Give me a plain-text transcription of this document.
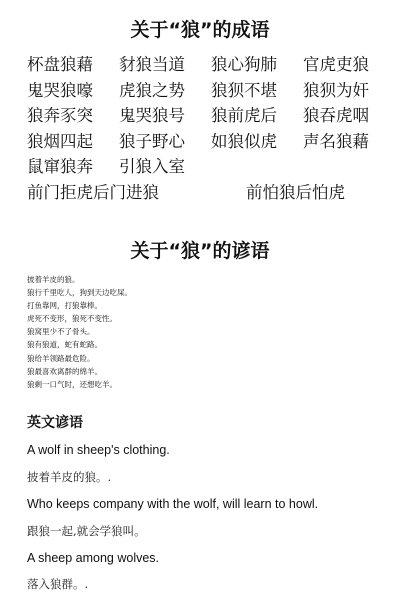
关于“狼”的成语
杯盘狼藉	豺狼当道	狼心狗肺	官虎吏狼
鬼哭狼嚎	虎狼之势	狼狈不堪	狼狈为奸
狼奔豕突	鬼哭狼号	狼前虎后	狼吞虎咽
狼烟四起	狼子野心	如狼似虎	声名狼藉
鼠窜狼奔	引狼入室
前门拒虎后门进狼	前怕狼后怕虎
关于“狼”的谚语
披着羊皮的狼。
狼行千里吃人，狗到天边吃屎。
打鱼靠网，打狼靠棒。
虎死不变形，狼死不变性。
狼窝里少不了骨头。
狼有狼道，蛇有蛇路。
狼给羊领路最危险。
狼最喜欢离群的绵羊。
狼剩一口气时，还想吃羊。
英文谚语

A wolf in sheep's clothing.

披着羊皮的狼。.

Who keeps company with the wolf, will learn to howl.

跟狼一起,就会学狼叫。

A sheep among wolves.

落入狼群。.
